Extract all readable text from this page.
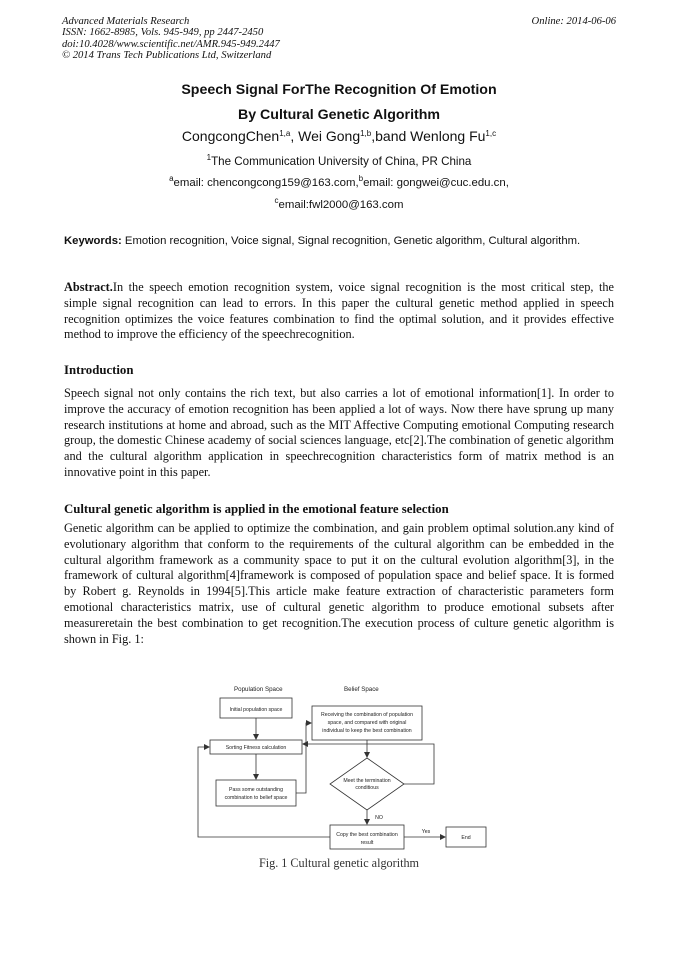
Advanced Materials Research
ISSN: 1662-8985, Vols. 945-949, pp 2447-2450
doi:10.4028/www.scientific.net/AMR.945-949.2447
© 2014 Trans Tech Publications Ltd, Switzerland
Online: 2014-06-06
Speech Signal ForThe Recognition Of Emotion
By Cultural Genetic Algorithm
CongcongChen$^{1,a}$, Wei Gong$^{1,b}$,band Wenlong Fu$^{1,c}$
$^1$The Communication University of China, PR China
$^a$email: chencongcong159@163.com,$^b$email: gongwei@cuc.edu.cn,
$^c$email:fwl2000@163.com
Keywords: Emotion recognition, Voice signal, Signal recognition, Genetic algorithm, Cultural algorithm.
Abstract.In the speech emotion recognition system, voice signal recognition is the most critical step, the simple signal recognition can lead to errors. In this paper the cultural genetic method applied in speech recognition optimizes the voice features combination to find the optimal solution, and it provides effective method to improve the efficiency of the speechrecognition.
Introduction
Speech signal not only contains the rich text, but also carries a lot of emotional information[1]. In order to improve the accuracy of emotion recognition has been applied a lot of ways. Now there have sprung up many research institutions at home and abroad, such as the MIT Affective Computing emotional Computing research group, the domestic Chinese academy of social sciences language, etc[2].The combination of genetic algorithm and the cultural algorithm application in speechrecognition characteristics form of matrix method is an innovative point in this paper.
Cultural genetic algorithm is applied in the emotional feature selection
Genetic algorithm can be applied to optimize the combination, and gain problem optimal solution.any kind of evolutionary algorithm that conform to the requirements of the cultural algorithm can be embedded in the cultural algorithm framework as a community space to put it on the cultural evolution algorithm[3], in the framework of cultural algorithm[4]framework is composed of population space and belief space. It is formed by Robert g. Reynolds in 1994[5].This article make feature extraction of characteristic parameters form emotional characteristics matrix, use of cultural genetic algorithm to produce emotional subsets after measureretain the best combination to get recognition.The execution process of culture genetic algorithm is shown in Fig. 1:
Population Space	Belief Space
Initial population space
Sorting Fitness calculation
Pass some outstanding
combination to belief space
Receiving the combination of population
space, and compared with original
individual to keep the best combination
Meet the termination
conditious
Copy the best combination
result
End
NO
Yes
Fig. 1 Cultural genetic algorithm
